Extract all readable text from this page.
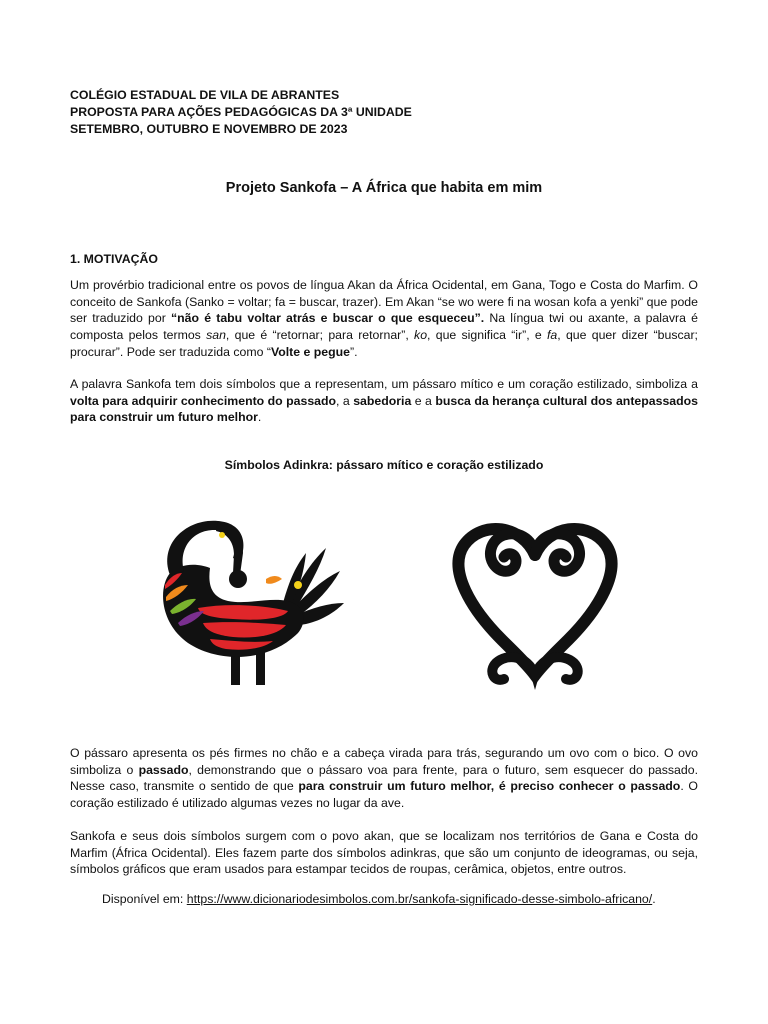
COLÉGIO ESTADUAL DE VILA DE ABRANTES
PROPOSTA PARA AÇÕES PEDAGÓGICAS DA 3ª UNIDADE
SETEMBRO, OUTUBRO E NOVEMBRO DE 2023
Projeto Sankofa – A África que habita em mim
1. MOTIVAÇÃO
Um provérbio tradicional entre os povos de língua Akan da África Ocidental, em Gana, Togo e Costa do Marfim. O conceito de Sankofa (Sanko = voltar; fa = buscar, trazer). Em Akan “se wo were fi na wosan kofa a yenki” que pode ser traduzido por “não é tabu voltar atrás e buscar o que esqueceu”. Na língua twi ou axante, a palavra é composta pelos termos san, que é “retornar; para retornar”, ko, que significa “ir”, e fa, que quer dizer “buscar; procurar”. Pode ser traduzida como “Volte e pegue”.
A palavra Sankofa tem dois símbolos que a representam, um pássaro mítico e um coração estilizado, simboliza a volta para adquirir conhecimento do passado, a sabedoria e a busca da herança cultural dos antepassados para construir um futuro melhor.
Símbolos Adinkra: pássaro mítico e coração estilizado
O pássaro apresenta os pés firmes no chão e a cabeça virada para trás, segurando um ovo com o bico. O ovo simboliza o passado, demonstrando que o pássaro voa para frente, para o futuro, sem esquecer do passado. Nesse caso, transmite o sentido de que para construir um futuro melhor, é preciso conhecer o passado. O coração estilizado é utilizado algumas vezes no lugar da ave.
Sankofa e seus dois símbolos surgem com o povo akan, que se localizam nos territórios de Gana e Costa do Marfim (África Ocidental). Eles fazem parte dos símbolos adinkras, que são um conjunto de ideogramas, ou seja, símbolos gráficos que eram usados para estampar tecidos de roupas, cerâmica, objetos, entre outros.
Disponível em: https://www.dicionariodesimbolos.com.br/sankofa-significado-desse-simbolo-africano/.
